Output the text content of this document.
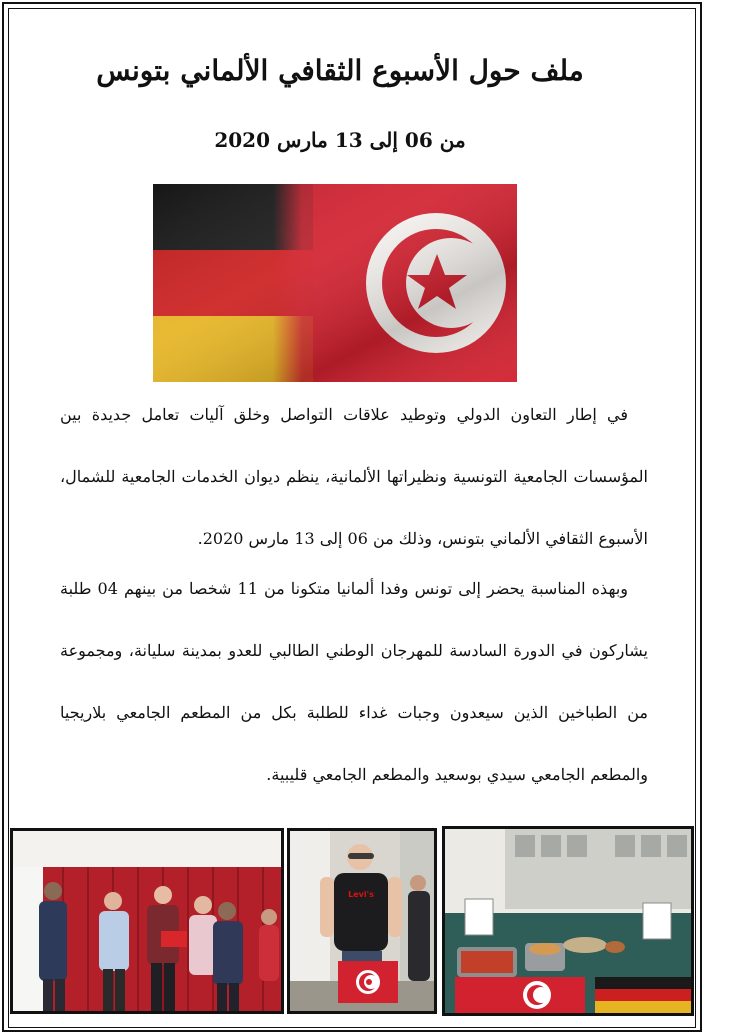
ملف حول الأسبوع الثقافي الألماني بتونس
من 06 إلى 13 مارس 2020
في إطار التعاون الدولي وتوطيد علاقات التواصل وخلق آليات تعامل جديدة بين المؤسسات الجامعية التونسية ونظيراتها الألمانية، ينظم ديوان الخدمات الجامعية للشمال، الأسبوع الثقافي الألماني بتونس، وذلك من 06 إلى 13 مارس 2020.
وبهذه المناسبة يحضر إلى تونس وفدا ألمانيا متكونا من 11 شخصا من بينهم 04 طلبة يشاركون في الدورة السادسة للمهرجان الوطني الطالبي للعدو بمدينة سليانة، ومجموعة من الطباخين الذين سيعدون وجبات غداء للطلبة بكل من المطعم الجامعي بلاريجيا والمطعم الجامعي سيدي بوسعيد والمطعم الجامعي قليبية.
Levi's
